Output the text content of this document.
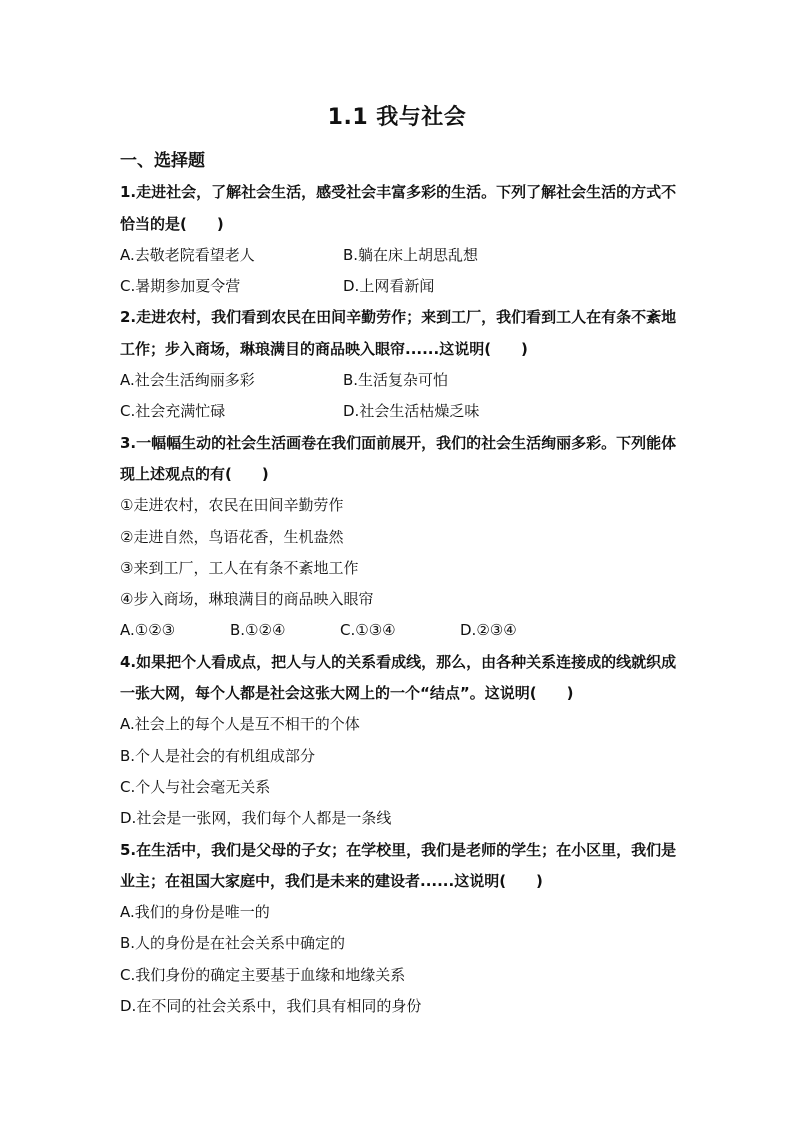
1.1 我与社会
一、选择题
1.走进社会，了解社会生活，感受社会丰富多彩的生活。下列了解社会生活的方式不恰当的是(　　)
A.去敬老院看望老人	B.躺在床上胡思乱想
C.暑期参加夏令营	D.上网看新闻
2.走进农村，我们看到农民在田间辛勤劳作；来到工厂，我们看到工人在有条不紊地工作；步入商场，琳琅满目的商品映入眼帘......这说明(　　)
A.社会生活绚丽多彩	B.生活复杂可怕
C.社会充满忙碌	D.社会生活枯燥乏味
3.一幅幅生动的社会生活画卷在我们面前展开，我们的社会生活绚丽多彩。下列能体现上述观点的有(　　)
①走进农村，农民在田间辛勤劳作
②走进自然，鸟语花香，生机盎然
③来到工厂，工人在有条不紊地工作
④步入商场，琳琅满目的商品映入眼帘
A.①②③	B.①②④	C.①③④	D.②③④
4.如果把个人看成点，把人与人的关系看成线，那么，由各种关系连接成的线就织成一张大网，每个人都是社会这张大网上的一个“结点”。这说明(　　)
A.社会上的每个人是互不相干的个体
B.个人是社会的有机组成部分
C.个人与社会毫无关系
D.社会是一张网，我们每个人都是一条线
5.在生活中，我们是父母的子女；在学校里，我们是老师的学生；在小区里，我们是业主；在祖国大家庭中，我们是未来的建设者......这说明(　　)
A.我们的身份是唯一的
B.人的身份是在社会关系中确定的
C.我们身份的确定主要基于血缘和地缘关系
D.在不同的社会关系中，我们具有相同的身份
